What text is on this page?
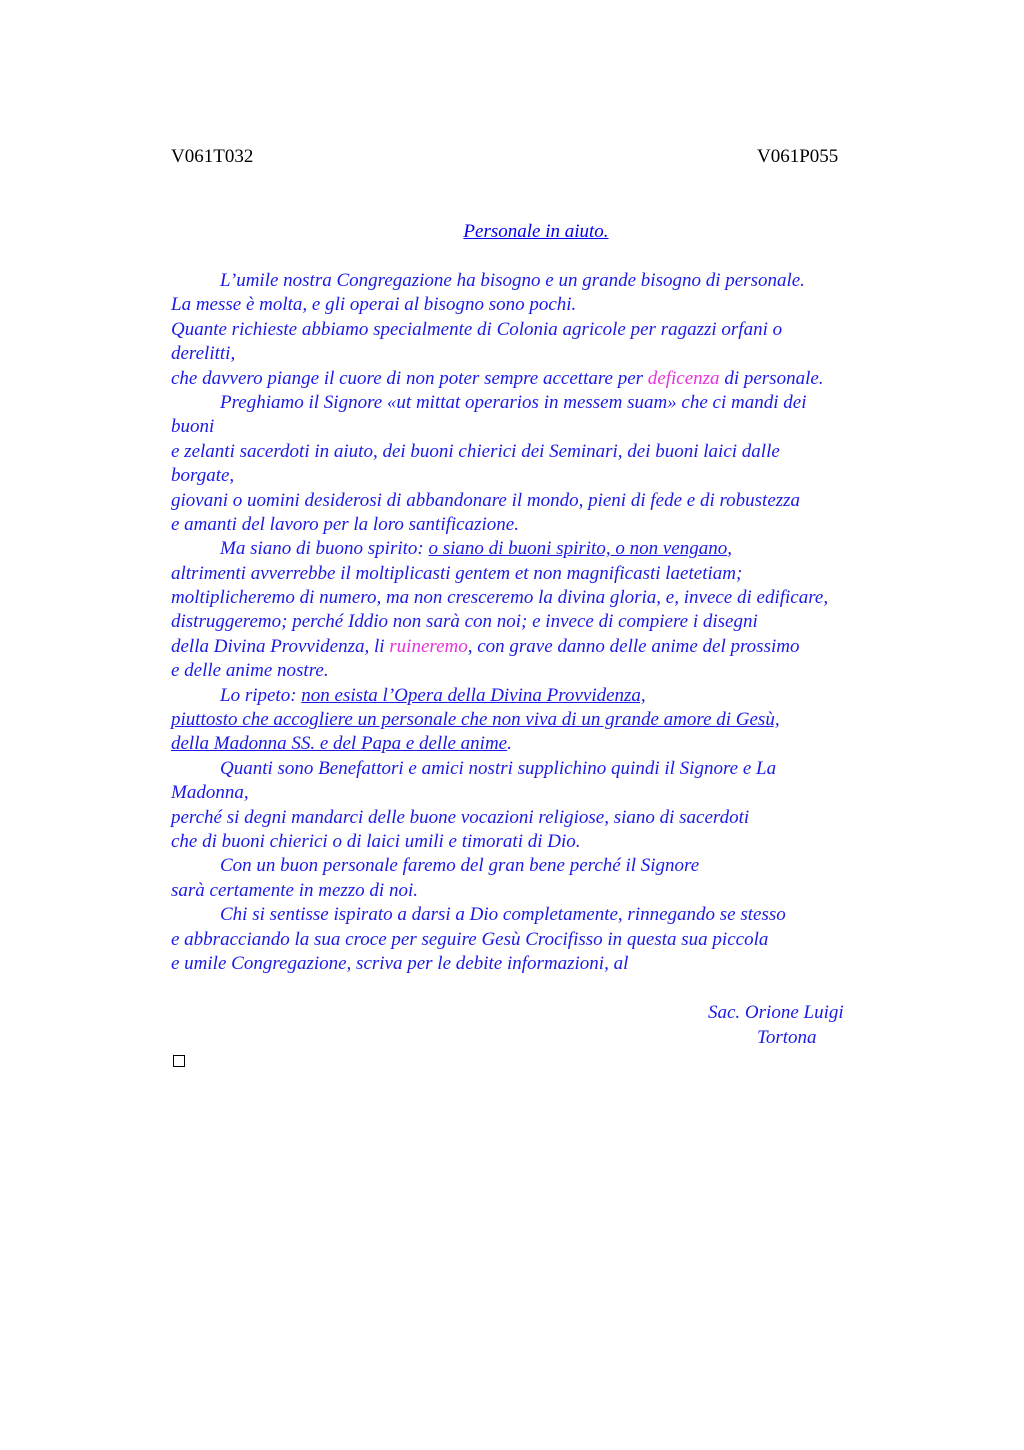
V061T032	V061P055
Personale in aiuto.
L’umile nostra Congregazione ha bisogno e un grande bisogno di personale.
La messe è molta, e gli operai al bisogno sono pochi.
Quante richieste abbiamo specialmente di Colonia agricole per ragazzi orfani o
derelitti,
che davvero piange il cuore di non poter sempre accettare per deficenza di personale.
Preghiamo il Signore «ut mittat operarios in messem suam» che ci mandi dei
buoni
e zelanti sacerdoti in aiuto, dei buoni chierici dei Seminari, dei buoni laici dalle
borgate,
giovani o uomini desiderosi di abbandonare il mondo, pieni di fede e di robustezza
e amanti del lavoro per la loro santificazione.
Ma siano di buono spirito: o siano di buoni spirito, o non vengano,
altrimenti avverrebbe il moltiplicasti gentem et non magnificasti laetetiam;
moltiplicheremo di numero, ma non cresceremo la divina gloria, e, invece di edificare,
distruggeremo; perché Iddio non sarà con noi; e invece di compiere i disegni
della Divina Provvidenza, li ruineremo, con grave danno delle anime del prossimo
e delle anime nostre.
Lo ripeto: non esista l’Opera della Divina Provvidenza,
piuttosto che accogliere un personale che non viva di un grande amore di Gesù,
della Madonna SS. e del Papa e delle anime.
Quanti sono Benefattori e amici nostri supplichino quindi il Signore e La
Madonna,
perché si degni mandarci delle buone vocazioni religiose, siano di sacerdoti
che di buoni chierici o di laici umili e timorati di Dio.
Con un buon personale faremo del gran bene perché il Signore
sarà certamente in mezzo di noi.
Chi si sentisse ispirato a darsi a Dio completamente, rinnegando se stesso
e abbracciando la sua croce per seguire Gesù Crocifisso in questa sua piccola
e umile Congregazione, scriva per le debite informazioni, al
Sac. Orione Luigi
Tortona
